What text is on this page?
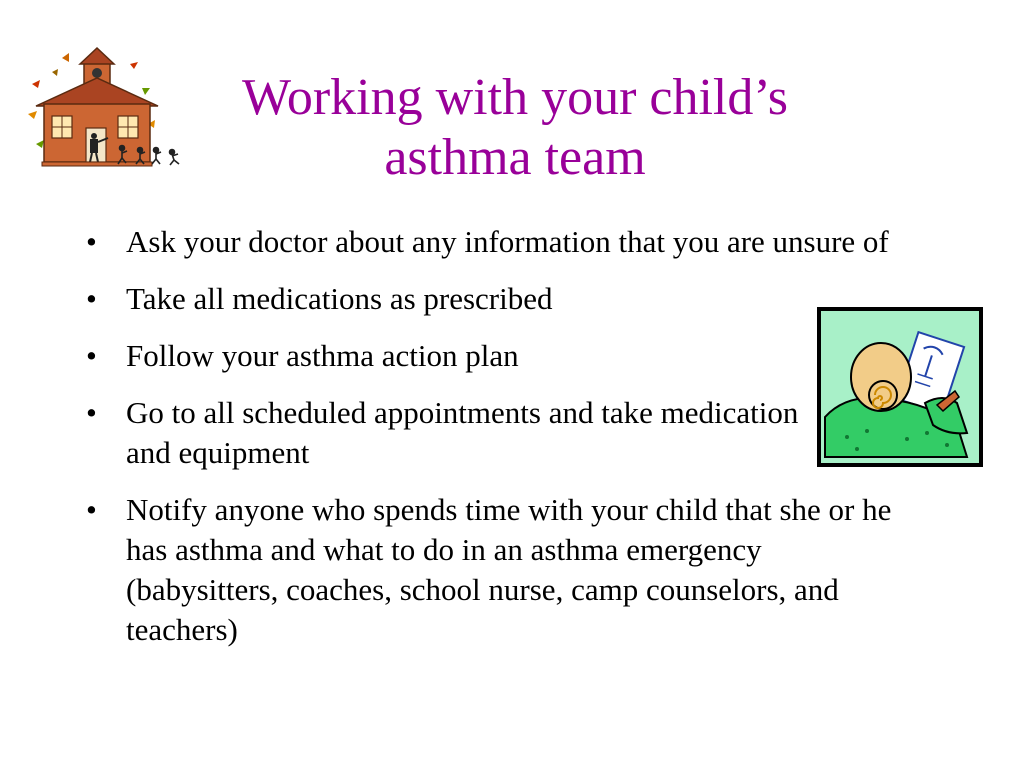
Working with your child’s
asthma team
• Ask your doctor about any information that you are unsure of
• Take all medications as prescribed
• Follow your asthma action plan
• Go to all scheduled appointments and take medication and equipment
• Notify anyone who spends time with your child that she or he has asthma and what to do in an asthma emergency (babysitters, coaches, school nurse, camp counselors, and teachers)
